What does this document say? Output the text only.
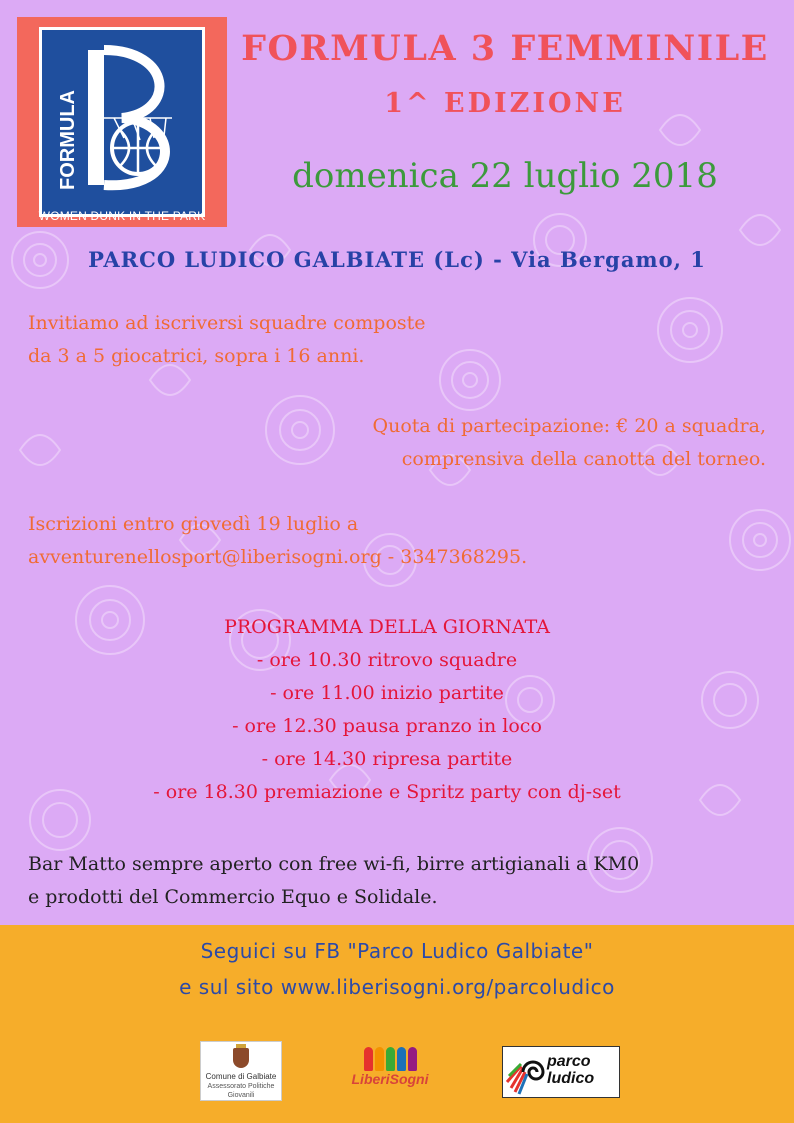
FORMULA
WOMEN DUNK IN THE PARK
FORMULA 3 FEMMINILE
1^ EDIZIONE
domenica 22 luglio 2018
PARCO LUDICO GALBIATE (Lc) - Via Bergamo, 1
Invitiamo ad iscriversi squadre composte
da 3 a 5 giocatrici, sopra i 16 anni.
Quota di partecipazione: € 20 a squadra,
comprensiva della canotta del torneo.
Iscrizioni entro giovedì 19 luglio a
avventurenellosport@liberisogni.org - 3347368295.
PROGRAMMA DELLA GIORNATA
- ore 10.30 ritrovo squadre
- ore 11.00 inizio partite
- ore 12.30 pausa pranzo in loco
- ore 14.30 ripresa partite
- ore 18.30 premiazione e Spritz party con dj-set
Bar Matto sempre aperto con free wi-fi, birre artigianali a KM0
e prodotti del Commercio Equo e Solidale.
Seguici su FB "Parco Ludico Galbiate"
e sul sito www.liberisogni.org/parcoludico
Comune di Galbiate
Assessorato Politiche Giovanili
LiberiSogni
parco
ludico
